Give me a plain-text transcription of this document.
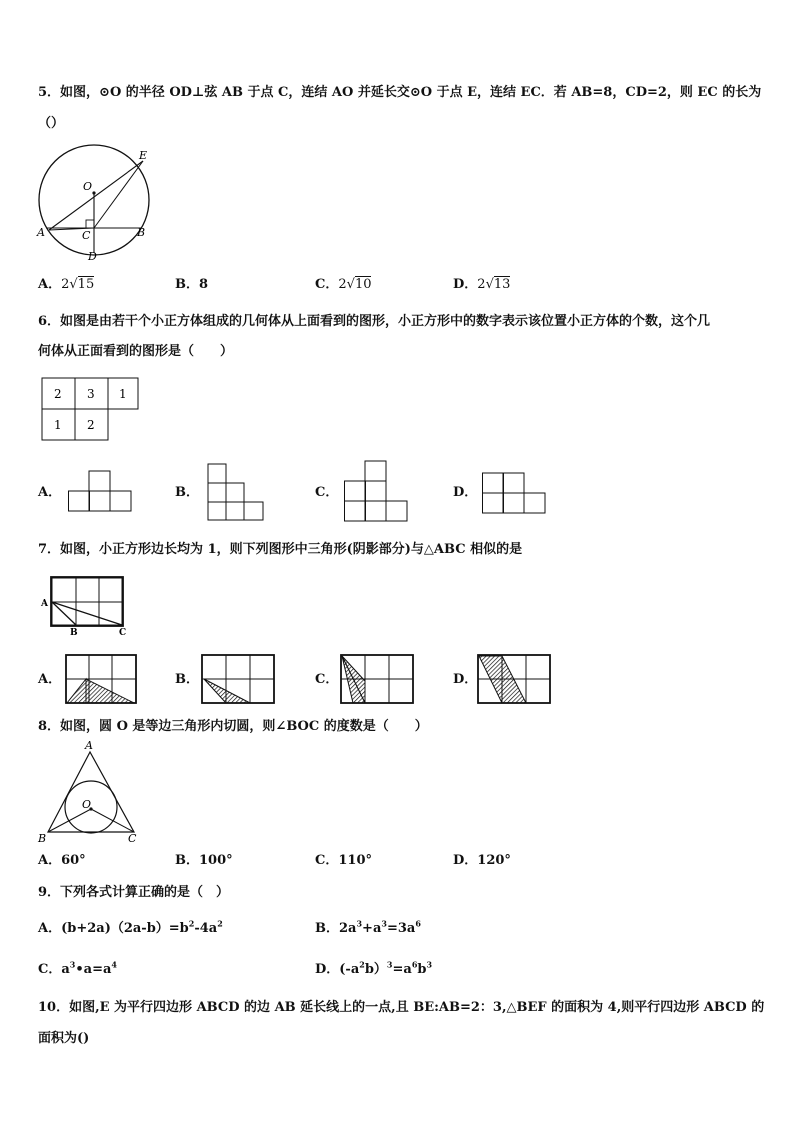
5．如图，⊙O 的半径 OD⊥弦 AB 于点 C，连结 AO 并延长交⊙O 于点 E，连结 EC．若 AB=8，CD=2，则 EC 的长为
（）
O
E
A	C	B
D
A．2√15	B．8	C．2√10	D．2√13
6．如图是由若干个小正方体组成的几何体从上面看到的图形，小正方形中的数字表示该位置小正方体的个数，这个几
何体从正面看到的图形是（　　）
2 3 1
1 2
A．	B．	C．	D．
7．如图，小正方形边长均为 1，则下列图形中三角形(阴影部分)与△ABC 相似的是
A
B	C
A．	B．	C．	D．
8．如图，圆 O 是等边三角形内切圆，则∠BOC 的度数是（　　）
A
O
B	C
A．60°	B．100°	C．110°	D．120°
9．下列各式计算正确的是（　）
A．$(b+2a)(2a-b)=b^2-4a^2$	B．$2a^3+a^3=3a^6$
C．$a^3•a=a^4$	D．$(-a^2b)^3=a^6b^3$
10．如图,E 为平行四边形 ABCD 的边 AB 延长线上的一点,且 BE:AB=2：3,△BEF 的面积为 4,则平行四边形 ABCD 的
面积为()
